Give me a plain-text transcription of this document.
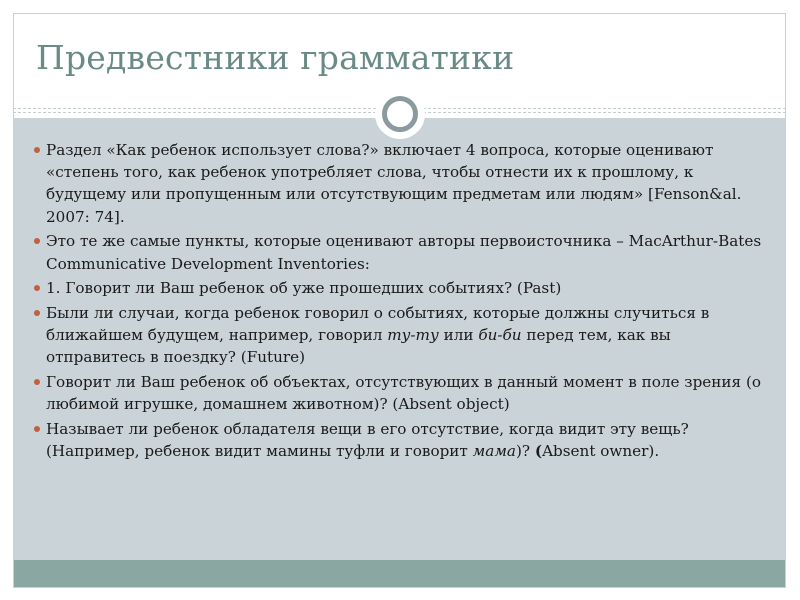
Предвестники грамматики
Раздел «Как ребенок использует слова?» включает 4 вопроса, которые оценивают «степень того, как ребенок употребляет слова, чтобы отнести их к прошлому, к будущему или пропущенным или отсутствующим предметам или людям» [Fenson&al. 2007: 74].
Это те же самые пункты, которые оценивают авторы первоисточника – MacArthur-Bates Communicative Development Inventories:
1. Говорит ли Ваш ребенок об уже прошедших событиях? (Past)
Были ли случаи, когда ребенок говорил о событиях, которые должны случиться в ближайшем будущем, например, говорил ту-ту или би-би перед тем, как вы отправитесь в поездку? (Future)
Говорит ли Ваш ребенок об объектах, отсутствующих в данный момент в поле зрения (о любимой игрушке, домашнем животном)? (Absent object)
Называет ли ребенок обладателя вещи в его отсутствие, когда видит эту вещь? (Например, ребенок видит мамины туфли и говорит мама)? (Absent owner).
